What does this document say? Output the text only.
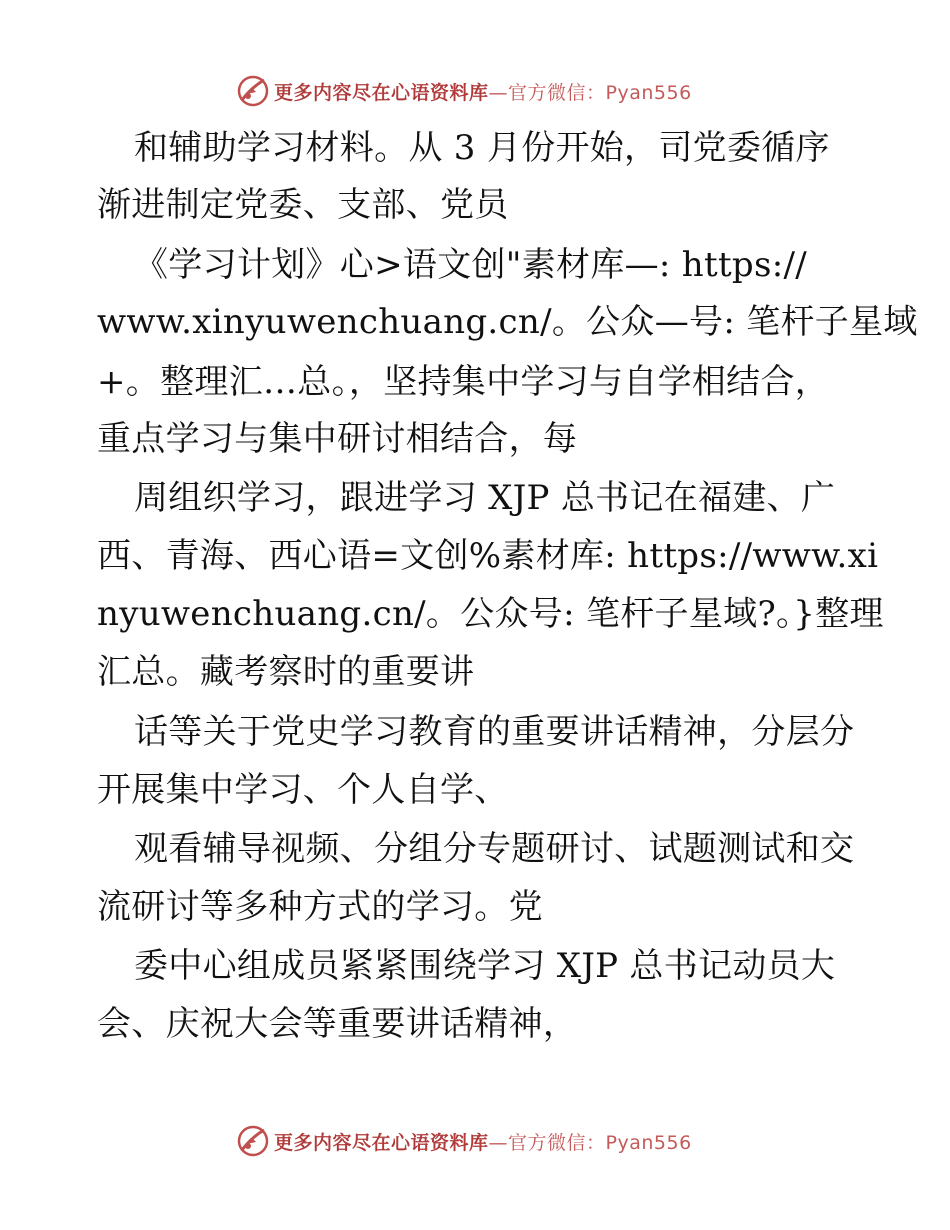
更多内容尽在心语资料库—官方微信：Pyan556
和辅助学习材料。从 3 月份开始，司党委循序
渐进制定党委、支部、党员
《学习计划》心>语文创"素材库—: https://
www.xinyuwenchuang.cn/。公众—号: 笔杆子星域
+。整理汇…总。，坚持集中学习与自学相结合，
重点学习与集中研讨相结合，每
周组织学习，跟进学习 XJP 总书记在福建、广
西、青海、西心语=文创%素材库: https://www.xi
nyuwenchuang.cn/。公众号: 笔杆子星域?。}整理
汇总。藏考察时的重要讲
话等关于党史学习教育的重要讲话精神，分层分
开展集中学习、个人自学、
观看辅导视频、分组分专题研讨、试题测试和交
流研讨等多种方式的学习。党
委中心组成员紧紧围绕学习 XJP 总书记动员大
会、庆祝大会等重要讲话精神，
更多内容尽在心语资料库—官方微信：Pyan556
